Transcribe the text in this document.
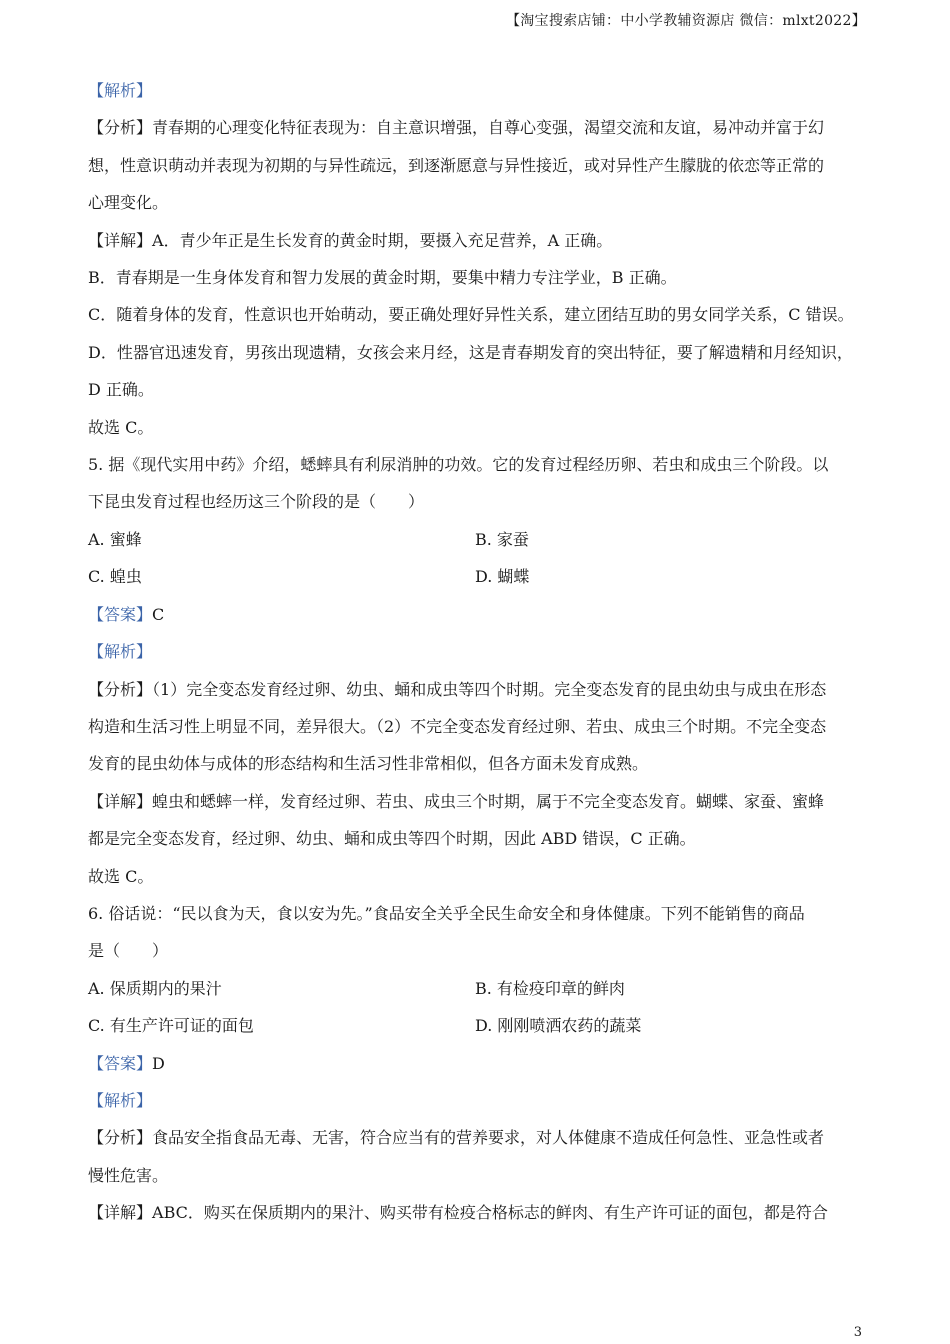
【淘宝搜索店铺：中小学教辅资源店 微信：mlxt2022】
【解析】
【分析】青春期的心理变化特征表现为：自主意识增强，自尊心变强，渴望交流和友谊，易冲动并富于幻
想，性意识萌动并表现为初期的与异性疏远，到逐渐愿意与异性接近，或对异性产生朦胧的依恋等正常的
心理变化。
【详解】A．青少年正是生长发育的黄金时期，要摄入充足营养，A 正确。
B．青春期是一生身体发育和智力发展的黄金时期，要集中精力专注学业，B 正确。
C．随着身体的发育，性意识也开始萌动，要正确处理好异性关系，建立团结互助的男女同学关系，C 错误。
D．性器官迅速发育，男孩出现遗精，女孩会来月经，这是青春期发育的突出特征，要了解遗精和月经知识，
D 正确。
故选 C。
5. 据《现代实用中药》介绍，蟋蟀具有利尿消肿的功效。它的发育过程经历卵、若虫和成虫三个阶段。以
下昆虫发育过程也经历这三个阶段的是（　　）
A. 蜜蜂	B. 家蚕
C. 蝗虫	D. 蝴蝶
【答案】C
【解析】
【分析】（1）完全变态发育经过卵、幼虫、蛹和成虫等四个时期。完全变态发育的昆虫幼虫与成虫在形态
构造和生活习性上明显不同，差异很大。（2）不完全变态发育经过卵、若虫、成虫三个时期。不完全变态
发育的昆虫幼体与成体的形态结构和生活习性非常相似，但各方面未发育成熟。
【详解】蝗虫和蟋蟀一样，发育经过卵、若虫、成虫三个时期，属于不完全变态发育。蝴蝶、家蚕、蜜蜂
都是完全变态发育，经过卵、幼虫、蛹和成虫等四个时期，因此 ABD 错误，C 正确。
故选 C。
6. 俗话说：“民以食为天，食以安为先。”食品安全关乎全民生命安全和身体健康。下列不能销售的商品
是（　　）
A. 保质期内的果汁	B. 有检疫印章的鲜肉
C. 有生产许可证的面包	D. 刚刚喷洒农药的蔬菜
【答案】D
【解析】
【分析】食品安全指食品无毒、无害，符合应当有的营养要求，对人体健康不造成任何急性、亚急性或者
慢性危害。
【详解】ABC．购买在保质期内的果汁、购买带有检疫合格标志的鲜肉、有生产许可证的面包，都是符合
3
